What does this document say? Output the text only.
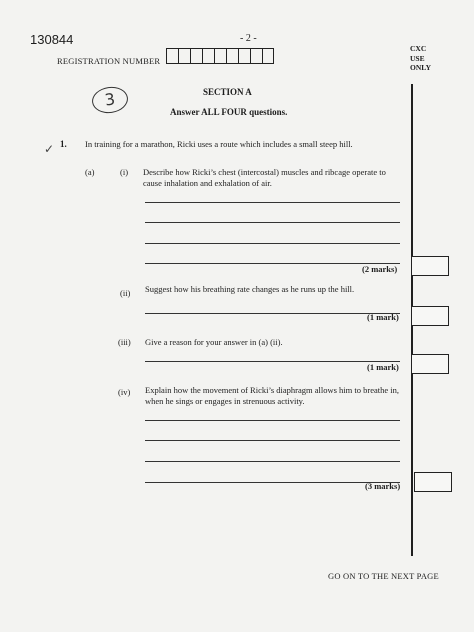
130844	- 2 -
REGISTRATION NUMBER
CXC
USE
ONLY
3	SECTION A
Answer ALL FOUR questions.
✓ 1. In training for a marathon, Ricki uses a route which includes a small steep hill.
(a)	(i) Describe how Ricki’s chest (intercostal) muscles and ribcage operate to cause inhalation and exhalation of air.
(2 marks)
(ii) Suggest how his breathing rate changes as he runs up the hill.
(1 mark)
(iii) Give a reason for your answer in (a) (ii).
(1 mark)
(iv) Explain how the movement of Ricki’s diaphragm allows him to breathe in, when he sings or engages in strenuous activity.
(3 marks)
GO ON TO THE NEXT PAGE
